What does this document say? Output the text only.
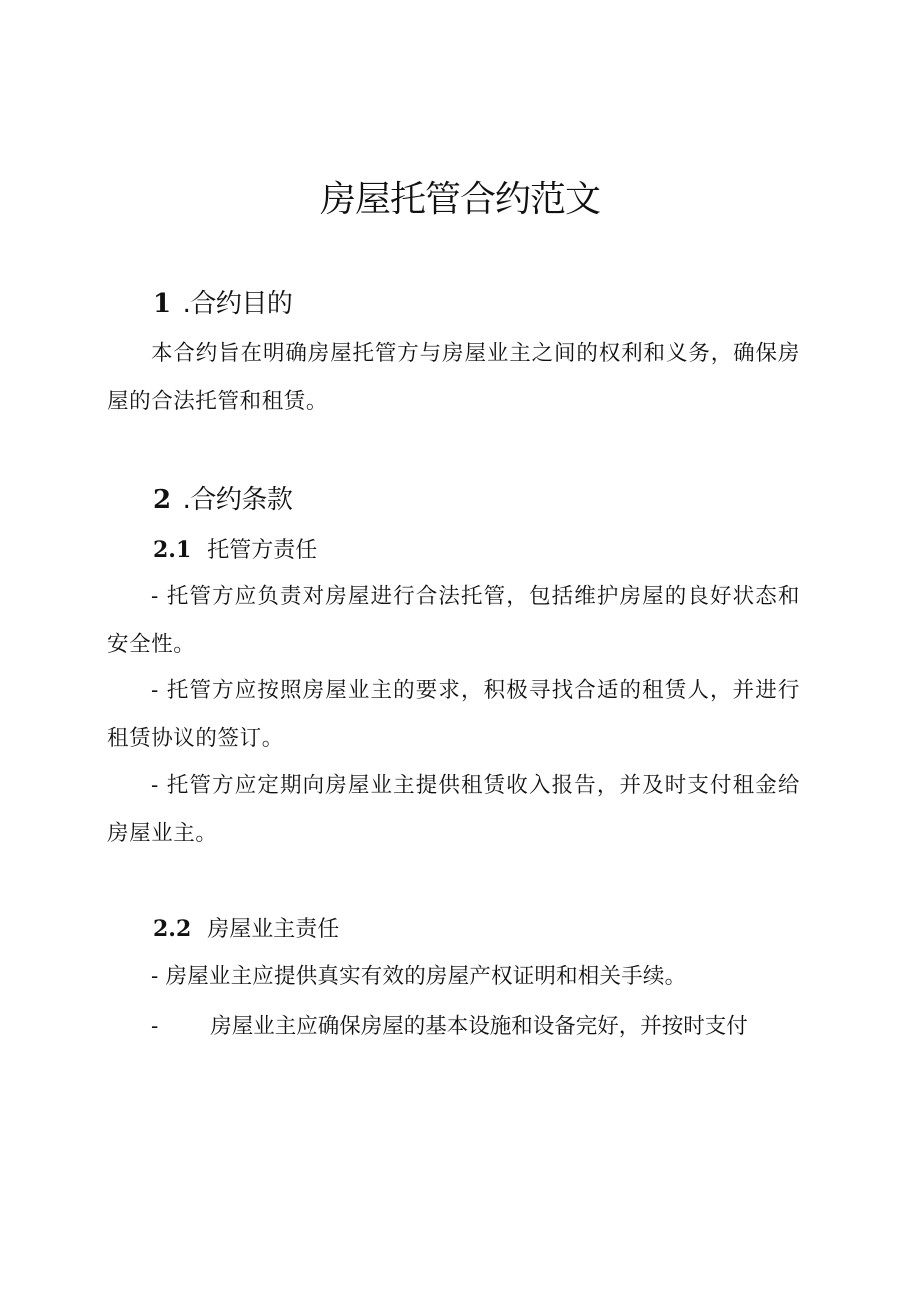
房屋托管合约范文
1 .合约目的
本合约旨在明确房屋托管方与房屋业主之间的权利和义务，确保房屋的合法托管和租赁。
2 .合约条款
2.1 托管方责任
- 托管方应负责对房屋进行合法托管，包括维护房屋的良好状态和安全性。
- 托管方应按照房屋业主的要求，积极寻找合适的租赁人，并进行租赁协议的签订。
- 托管方应定期向房屋业主提供租赁收入报告，并及时支付租金给房屋业主。
2.2 房屋业主责任
- 房屋业主应提供真实有效的房屋产权证明和相关手续。
- 房屋业主应确保房屋的基本设施和设备完好，并按时支付
